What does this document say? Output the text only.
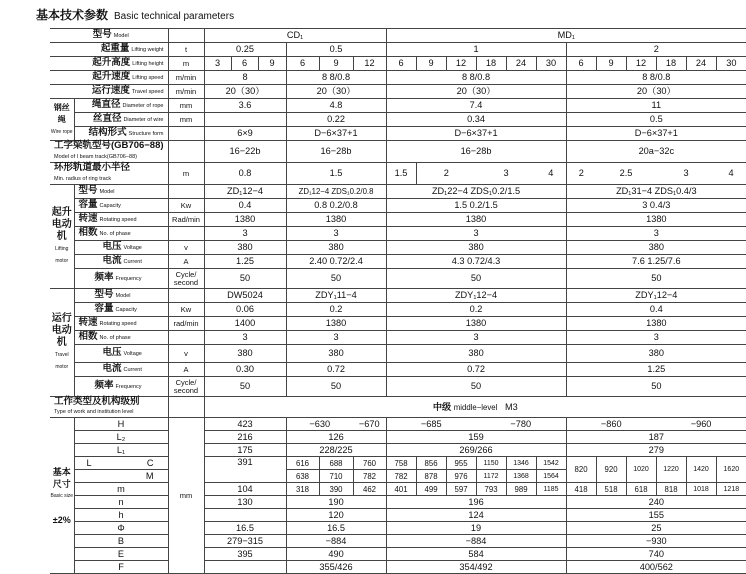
基本技术参数 Basic technical parameters
型号 Model			CD₁						MD₁											
起重量 Lifting weight		t	0.25			0.5			1						2					
起升高度 Lifting height		m	3	6	9	6	9	12	6	9	12	18	24	30	6	9	12	18	24	30
起升速度 Lifting speed		m/min	8			8 8/0.8			8 8/0.8						8 8/0.8					
运行速度 Travel speed		m/min	20（30）			20（30）			20（30）						20（30）					
钢丝绳
Wire rope	绳直径 Diameter of rope	mm	3.6			4.8			7.4						11					
	丝直径 Diameter of wire	mm				0.22			0.34						0.5					
	结构形式 Structure form		6×9			D−6×37+1			D−6×37+1						D−6×37+1					
工字梁轨型号(GB706−88)
Model of I beam track(GB706−88)			16−22b			16−28b			16−28b						20a−32c					
环形轨道最小半径
Min. radius of ring track		m	0.8			1.5			1.5	2		3		4	2	2.5		3		4
起升电动机
Lifting motor	型号 Model		ZD₁12−4			ZD₁12−4 ZDS₁0.2/0.8			ZD₁22−4 ZDS₁0.2/1.5						ZD₁31−4 ZDS₁0.4/3					
	容量 Capacity	Kw	0.4			0.8 0.2/0.8			1.5 0.2/1.5						3 0.4/3					
	转速 Rotating speed	Rad/min	1380			1380			1380						1380					
	相数 No. of phase		3			3			3						3					
	电压 Voltage	v	380			380			380						380					
	电流 Current	A	1.25			2.40 0.72/2.4			4.3 0.72/4.3						7.6 1.25/7.6					
	频率 Frequency	Cycle/ second	50			50			50						50					
运行电动机
Travel motor	型号 Model		DW5024			ZDY₁11−4			ZDY₁12−4						ZDY₁12−4					
	容量 Capacity	Kw	0.06			0.2			0.2						0.4					
	转速 Rotating speed	rad/min	1400			1380			1380						1380					
	相数 No. of phase		3			3			3						3					
	电压 Voltage	v	380			380			380						380					
	电流 Current	A	0.30			0.72			0.72						1.25					
	频率 Frequency	Cycle/ second	50			50			50						50					
工作类型及机构级别
Type of work and institution level			中级 middle−level M3																	
基本尺寸
Basic size

±2%	H	mm	423			−630		−670	−685			−780			−860			−960		
	L₂		216			126			159						187					
	L₁		175			228/225			269/266						279					
	L C		391			616	688	760	758	856	955	1150	1346	1542	820	920	1020	1220	1420	1620
	M					638	710	782	782	878	976	1172	1368	1564						
	m		104			318	390	462	401	499	597	793	989	1185	418	518	618	818	1018	1218
	n		130			190			196						240					
	h					120			124						155					
	Φ		16.5			16.5			19						25					
	B		279−315			−884			−884						−930					
	E		395			490			584						740					
	F					355/426			354/492						400/562					
